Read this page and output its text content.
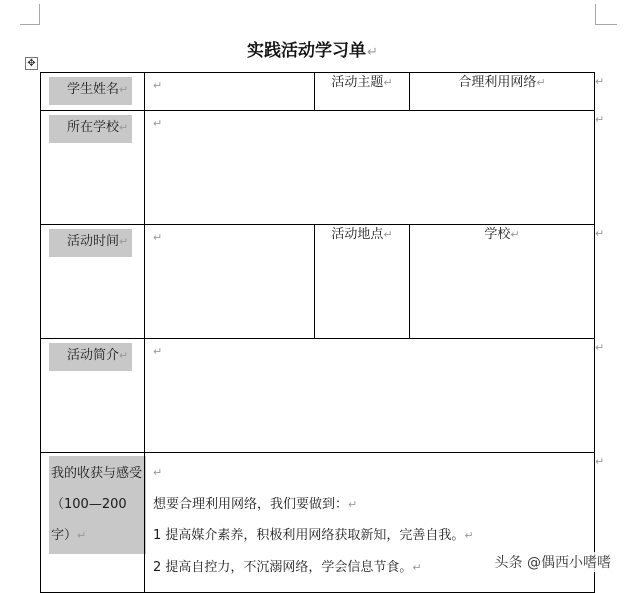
实践活动学习单↵
✥
学生姓名↵	↵	活动主题↵	合理利用网络↵
所在学校↵	↵		

活动时间↵	↵	活动地点↵	学校↵
活动简介↵	↵		

我的收获与感受（100—200字）↵	↵
想要合理利用网络，我们要做到：↵
1 提高媒介素养，积极利用网络获取新知，完善自我。↵
2 提高自控力，不沉溺网络，学会信息节食。↵		
↵
↵
↵
↵
↵
头条 @偶西小嗜嗜
